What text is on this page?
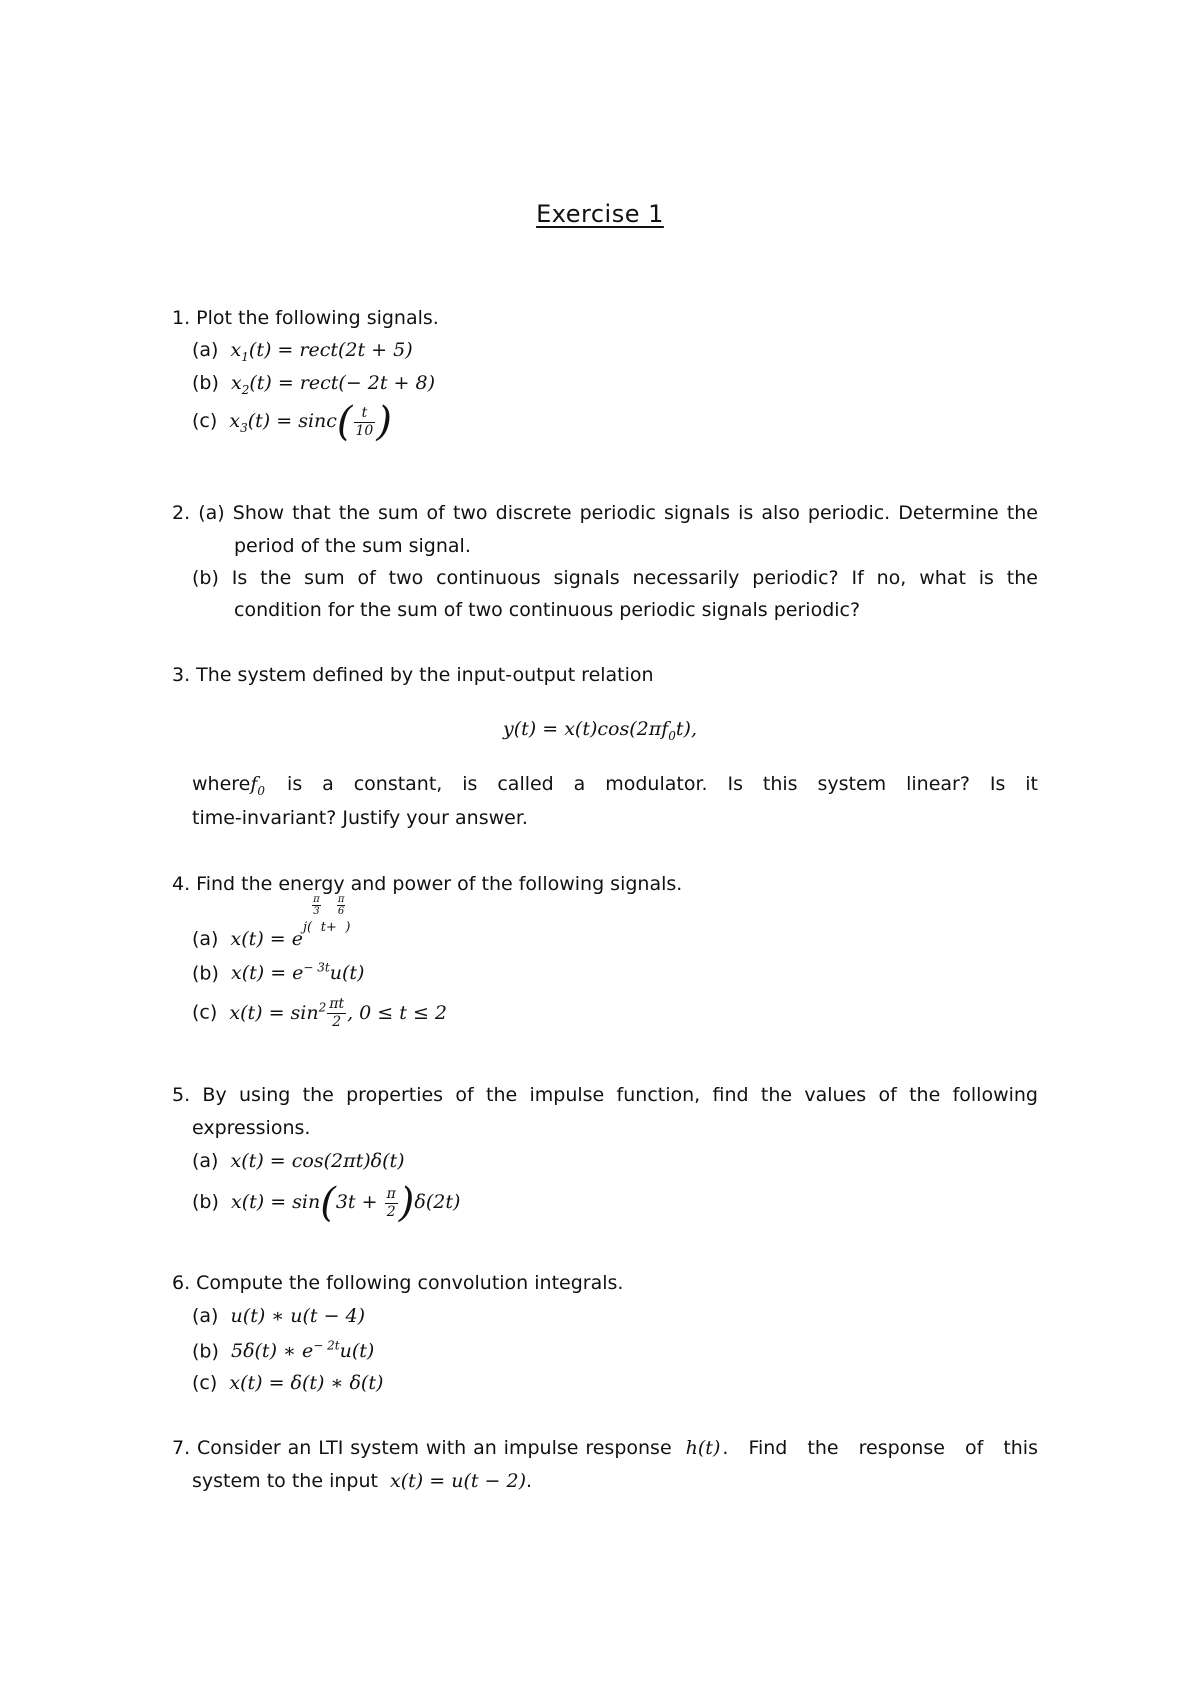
Exercise 1
1. Plot the following signals.
(a)  $x_1(t)$ = rect(2t + 5)
(b)  $x_2(t)$ = rect(− 2t + 8)
(c)  $x_3(t) = \sin c( \frac{t}{10}$ )
2. (a) Show that the sum of two discrete periodic signals is also periodic. Determine the
period of the sum signal.
(b) Is the sum of two continuous signals necessarily periodic? If no, what is the
condition for the sum of two continuous periodic signals periodic?
3. The system defined by the input-output relation
$y(t) = x(t)\cos(2\pi f_0t)$,
where $f_0$ is a constant, is called a modulator. Is this system linear? Is it
time-invariant? Justify your answer.
4. Find the energy and power of the following signals.
(a)  $x(t) = e^{j( \frac{\pi}{3}t+ \frac{\pi}{6})}$
(b)  $x(t) = e^{- 3t}u(t)$
(c)  $x(t) = \sin^2 \frac{\pi t}{2}$ , 0 ≤ t ≤ 2
5. By using the properties of the impulse function, find the values of the following
expressions.
(a)  x(t) = cos(2πt)δ(t)
(b)  $x(t) = \sin(3t + \frac{\pi}{2} )\delta(2t)$
6. Compute the following convolution integrals.
(a)  u(t) ∗ u(t − 4)
(b) 5δ(t) ∗ $e^{- 2t}u(t)$
(c)  x(t) = δ(t) ∗ δ(t)
7. Consider an LTI system with an impulse response h(t) . Find the response of this
system to the input  x(t) = u(t − 2).
